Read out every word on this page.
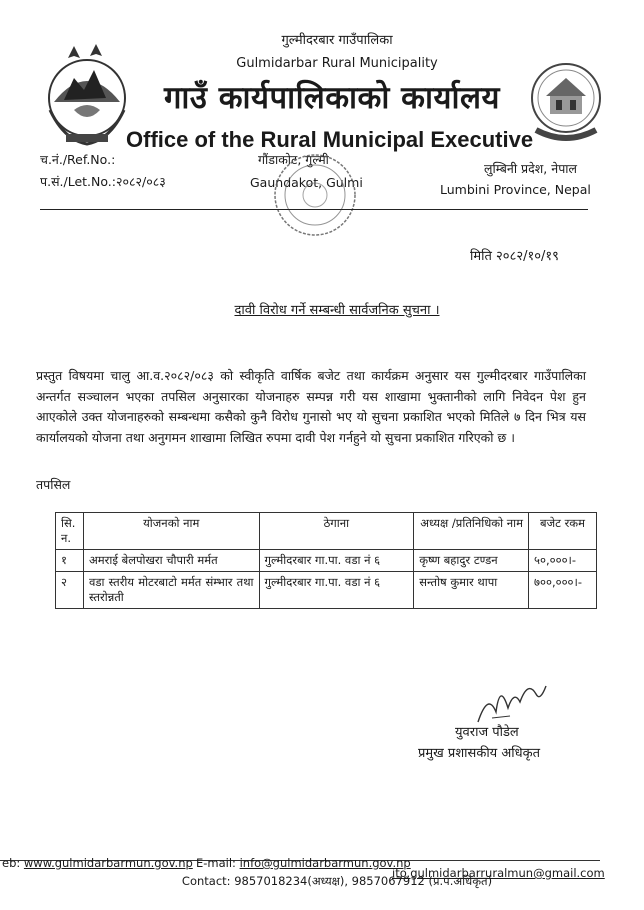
गुल्मीदरबार गाउँपालिका
Gulmidarbar Rural Municipality
गाउँ कार्यपालिकाको कार्यालय
Office of the Rural Municipal Executive
च.नं./Ref.No.:
प.सं./Let.No.:२०८२/०८३
गौंडाकोट, गुल्मी
Gaundakot, Gulmi
लुम्बिनी प्रदेश, नेपाल
Lumbini Province, Nepal
मिति २०८२/१०/१९
दावी विरोध गर्ने सम्बन्धी सार्वजनिक सुचना ।
प्रस्तुत विषयमा चालु आ.व.२०८२/०८३ को स्वीकृति वार्षिक बजेट तथा कार्यक्रम अनुसार यस गुल्मीदरबार गाउँपालिका अन्तर्गत सञ्चालन भएका तपसिल अनुसारका योजनाहरु सम्पन्न गरी यस शाखामा भुक्तानीको लागि निवेदन पेश हुन आएकोले उक्त योजनाहरुको सम्बन्धमा कसैको कुनै विरोध गुनासो भए यो सुचना प्रकाशित भएको मितिले ७ दिन भित्र यस कार्यालयको योजना तथा अनुगमन शाखामा लिखित रुपमा दावी पेश गर्नहुने यो सुचना प्रकाशित गरिएको छ ।
तपसिल
सि. न.	योजनको नाम	ठेगाना	अध्यक्ष /प्रतिनिधिको नाम	बजेट रकम
१	अमराई बेलपोखरा चौपारी मर्मत	गुल्मीदरबार गा.पा. वडा नं ६	कृष्ण बहादुर टण्डन	५०,०००।-
२	वडा स्तरीय मोटरबाटो मर्मत संम्भार तथा स्तरोन्नती	गुल्मीदरबार गा.पा. वडा नं ६	सन्तोष कुमार थापा	७००,०००।-
युवराज पौडेल
प्रमुख प्रशासकीय अधिकृत
eb: www.gulmidarbarmun.gov.np E-mail: info@gulmidarbarmun.gov.np
ito.gulmidarbarruralmun@gmail.com
Contact: 9857018234(अध्यक्ष), 9857067912 (प्र.प.अधिकृत)
